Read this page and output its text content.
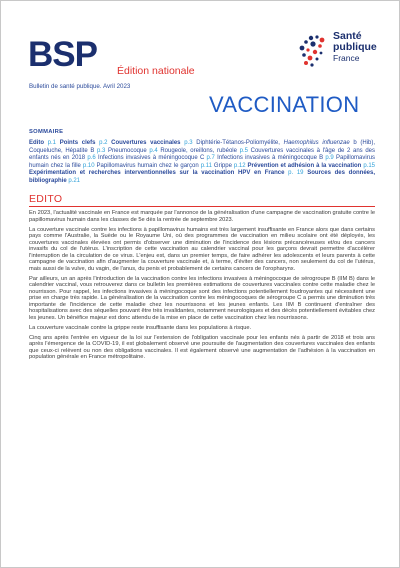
BSP Édition nationale
Bulletin de santé publique. Avril 2023
Santé
publique
France
VACCINATION
SOMMAIRE
Edito p.1 Points clefs p.2 Couvertures vaccinales p.3 Diphtérie-Tétanos-Poliomyélite, Haemophilus influenzae b (Hib), Coqueluche, Hépatite B p.3 Pneumocoque p.4 Rougeole, oreillons, rubéole p.5 Couvertures vaccinales à l'âge de 2 ans des enfants nés en 2018 p.6 Infections invasives à méningocoque C p.7 Infections invasives à méningocoque B p.9 Papillomavirus humain chez la fille p.10 Papillomavirus humain chez le garçon p.11 Grippe p.12 Prévention et adhésion à la vaccination p.15 Expérimentation et recherches interventionnelles sur la vaccination HPV en France p. 19 Sources des données, bibliographie p.21
EDITO

En 2023, l'actualité vaccinale en France est marquée par l'annonce de la généralisation d'une campagne de vaccination gratuite contre le papillomavirus humain dans les classes de 5e dès la rentrée de septembre 2023.

La couverture vaccinale contre les infections à papillomavirus humains est très largement insuffisante en France alors que dans certains pays comme l'Australie, la Suède ou le Royaume Uni, où des programmes de vaccination en milieu scolaire ont été déployés, les couvertures vaccinales élevées ont permis d'observer une diminution de l'incidence des lésions précancéreuses et/ou des cancers invasifs du col de l'utérus. L'inscription de cette vaccination au calendrier vaccinal pour les garçons devrait permettre d'accélérer l'interruption de la circulation de ce virus. L'enjeu est, dans un premier temps, de faire adhérer les adolescents et leurs parents à cette campagne de vaccination afin d'augmenter la couverture vaccinale et, à terme, d'éviter des cancers, non seulement du col de l'utérus, mais aussi de la vulve, du vagin, de l'anus, du penis et probablement de certains cancers de l'oropharynx.

Par ailleurs, un an après l'introduction de la vaccination contre les infections invasives à méningocoque de sérogroupe B (IIM B) dans le calendrier vaccinal, vous retrouverez dans ce bulletin les premières estimations de couvertures vaccinales contre cette maladie chez le nourrisson. Pour rappel, les infections invasives à méningocoque sont des infections potentiellement foudroyantes qui nécessitent une prise en charge très rapide. La généralisation de la vaccination contre les méningocoques de sérogroupe C a permis une diminution très importante de l'incidence de cette maladie chez les nourrissons et les jeunes enfants. Les IIM B continuent d'entraîner des hospitalisations avec des séquelles pouvant être très invalidantes, notamment neurologiques et des décès potentiellement évitables chez les jeunes. Un bénéfice majeur est donc attendu de la mise en place de cette vaccination chez les nourrissons.

La couverture vaccinale contre la grippe reste insuffisante dans les populations à risque.

Cinq ans après l'entrée en vigueur de la loi sur l'extension de l'obligation vaccinale pour les enfants nés à partir de 2018 et trois ans après l'émergence de la COVID-19, il est globalement observé une poursuite de l'augmentation des couvertures vaccinales des enfants que ceux-ci relèvent ou non des obligations vaccinales. Il est également observé une augmentation de l'adhésion à la vaccination en population générale en France métropolitaine.
